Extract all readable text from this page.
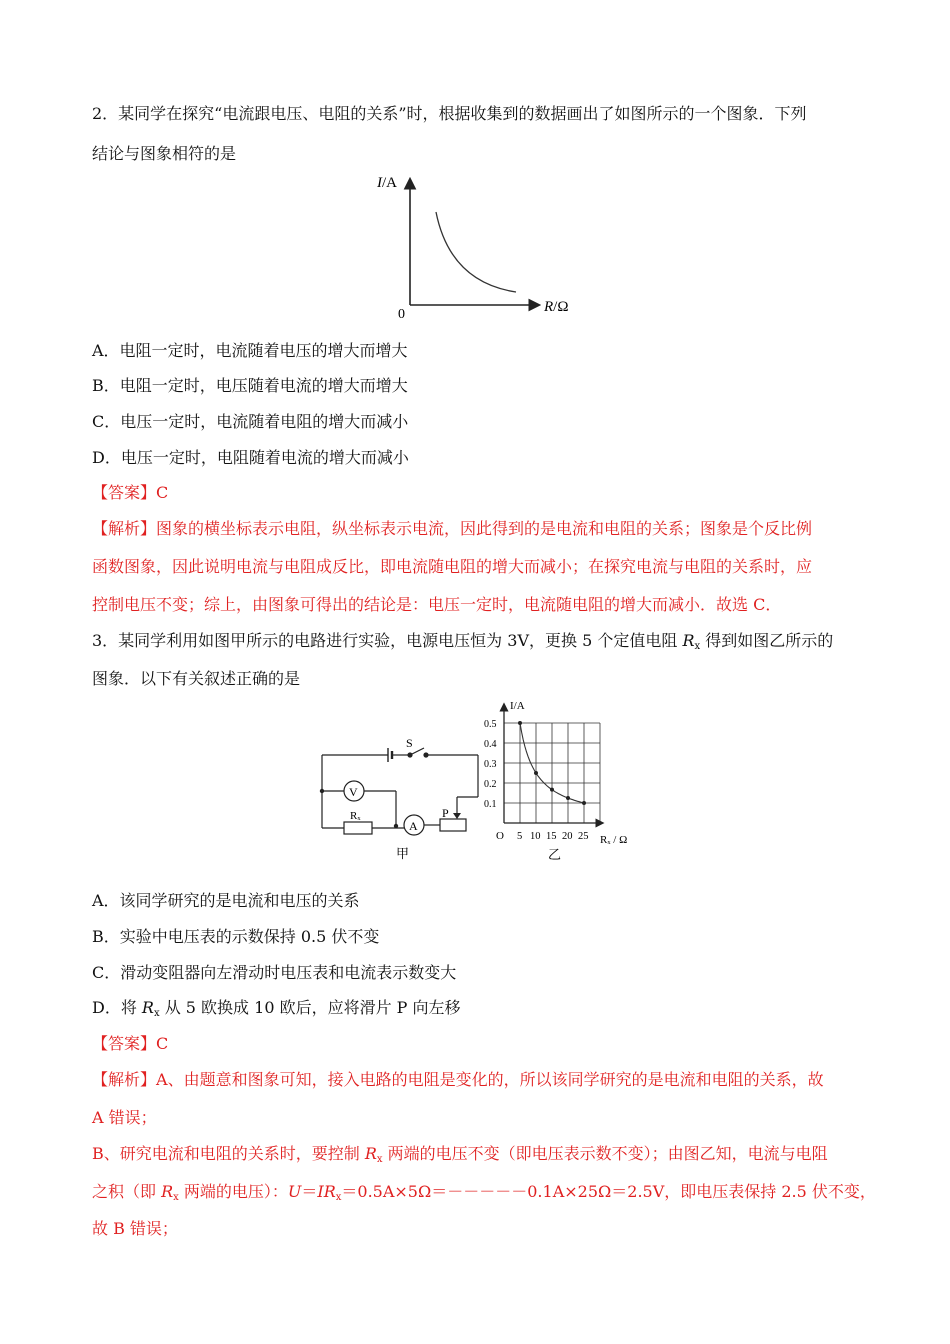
2．某同学在探究“电流跟电压、电阻的关系”时，根据收集到的数据画出了如图所示的一个图象．下列
结论与图象相符的是
I/A
R/Ω
0
A．电阻一定时，电流随着电压的增大而增大
B．电阻一定时，电压随着电流的增大而增大
C．电压一定时，电流随着电阻的增大而减小
D．电压一定时，电阻随着电流的增大而减小
【答案】C
【解析】图象的横坐标表示电阻，纵坐标表示电流，因此得到的是电流和电阻的关系；图象是个反比例
函数图象，因此说明电流与电阻成反比，即电流随电阻的增大而减小；在探究电流与电阻的关系时，应
控制电压不变；综上，由图象可得出的结论是：电压一定时，电流随电阻的增大而减小．故选 C．
3．某同学利用如图甲所示的电路进行实验，电源电压恒为 3V，更换 5 个定值电阻 $R_x$ 得到如图乙所示的
图象．以下有关叙述正确的是
S
V
A
Rₓ	P
甲
0.5
0.4
0.3
0.2
0.1
5 10 15 20 25
I/A
Rₓ / Ω
O
乙
A．该同学研究的是电流和电压的关系
B．实验中电压表的示数保持 0.5 伏不变
C．滑动变阻器向左滑动时电压表和电流表示数变大
D．将 $R_x$ 从 5 欧换成 10 欧后，应将滑片 P 向左移
【答案】C
【解析】A、由题意和图象可知，接入电路的电阻是变化的，所以该同学研究的是电流和电阻的关系，故
A 错误；
B、研究电流和电阻的关系时，要控制 $R_x$ 两端的电压不变（即电压表示数不变）；由图乙知，电流与电阻
之积（即 $R_x$ 两端的电压）：$U=IR_x=0.5A\times 5\Omega=-----0.1A\times 25\Omega=2.5V$，即电压表保持 2.5 伏不变，
故 B 错误；
